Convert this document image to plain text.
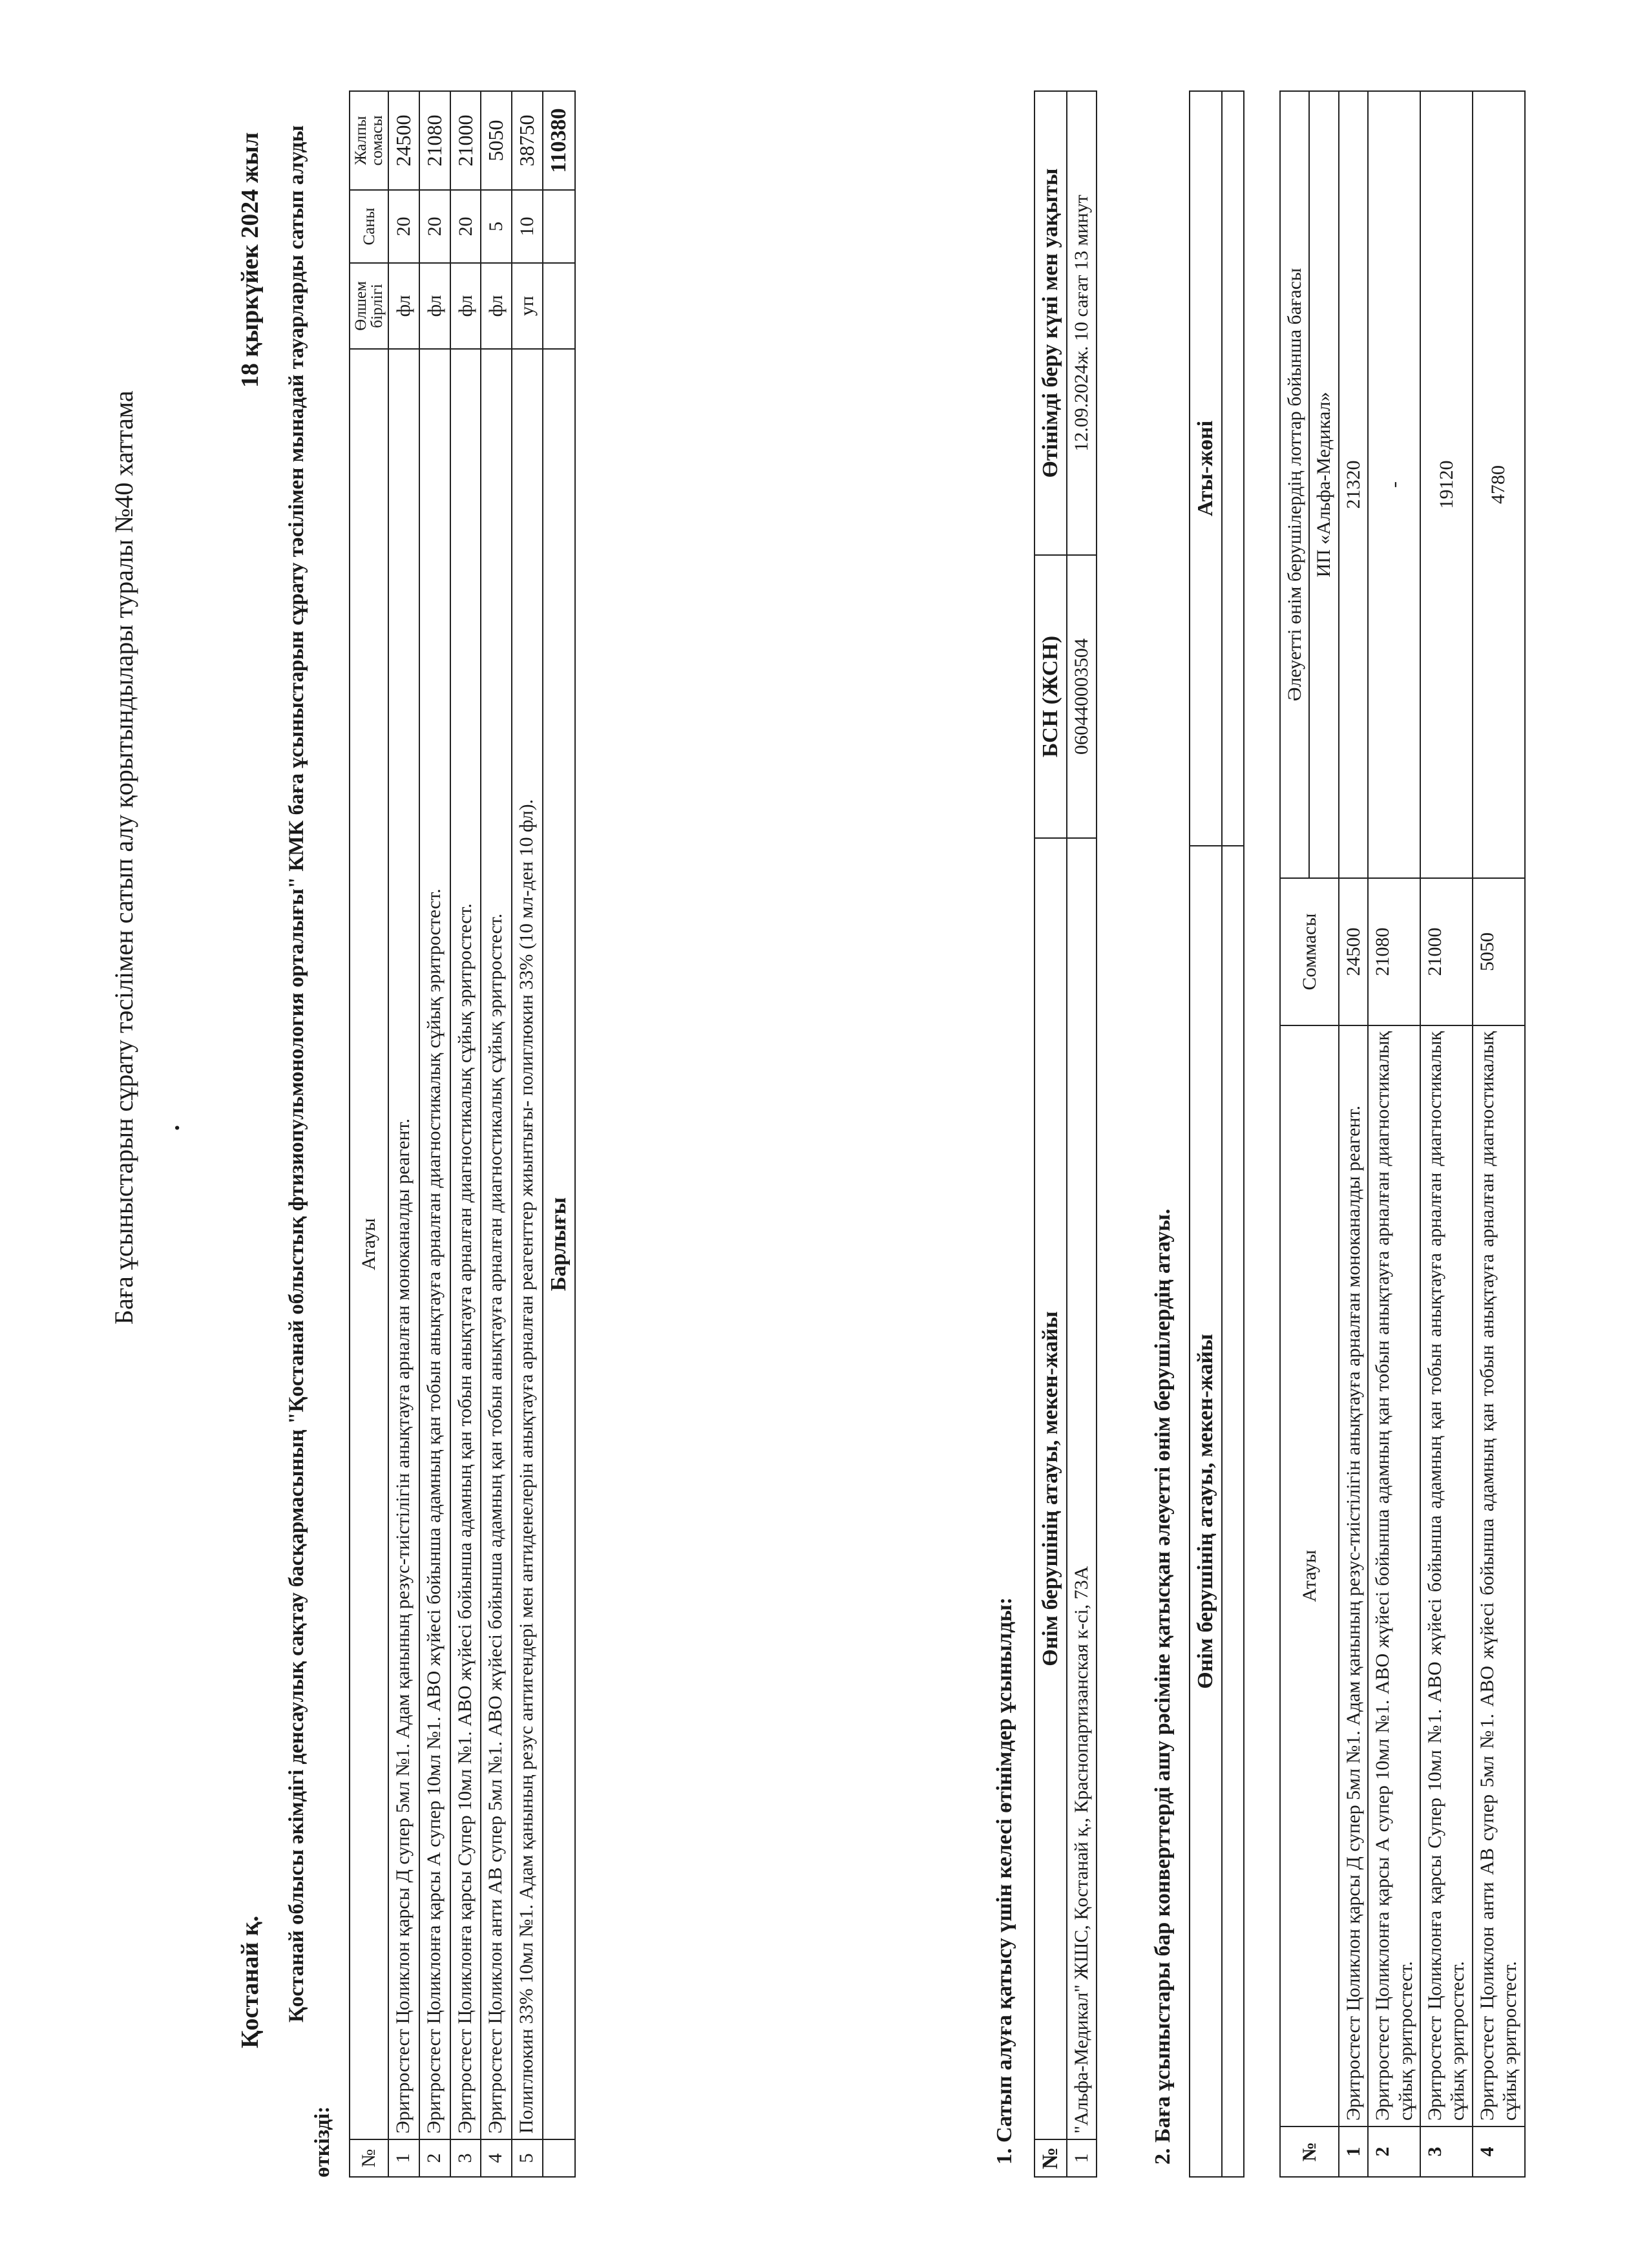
Баға ұсыныстарын сұрату тәсілімен сатып алу қорытындылары туралы №40 хаттама •
Қостанай қ.
18 қыркүйек 2024 жыл Қостанай облысы әкімдігі денсаулық сақтау басқармасының "Қостанай облыстық фтизиопульмонология орталығы" КМК баға ұсыныстарын сұрату тәсілімен мынадай тауарларды сатып алуды өткізді: №	Атауы	Өлшем бірлігі	Саны	Жалпы сомасы
1	Эритростест Цоликлон қарсы Д супер 5мл №1. Адам қанының резус-тиістілігін анықтауға арналған моноканалды реагент.	фл	20	24500
2	Эритростест Цоликлонға қарсы А супер 10мл №1. АВО жүйесі бойынша адамның қан тобын анықтауға арналған диагностикалық сұйық эритростест.	фл	20	21080
3	Эритростест Цоликлонға қарсы Супер 10мл №1. АВО жүйесі бойынша адамның қан тобын анықтауға арналған диагностикалық сұйық эритростест.	фл	20	21000
4	Эритростест Цоликлон анти АВ супер 5мл №1. АВО жүйесі бойынша адамның қан тобын анықтауға арналған диагностикалық сұйық эритростест.	фл	5	5050
5	Полиглюкин 33% 10мл №1. Адам қанының резус антигендері мен антиденелерін анықтауға арналған реагенттер жиынтығы- полиглюкин 33% (10 мл-ден 10 фл).	уп	10	38750
	Барлығы			110380
1. Сатып алуға қатысу үшін келесі өтінімдер ұсынылды: №	Өнім берушінің атауы, мекен-жайы	БСН (ЖСН)	Өтінімді беру күні мен уақыты
1	"Альфа-Медикал" ЖШС, Қостанай қ., Краснопартизанская к-сі, 73А	060440003504	12.09.2024ж. 10 сағат 13 минут
2. Баға ұсыныстары бар конверттерді ашу рәсіміне қатысқан әлеуетті өнім берушілердің атауы. Өнім берушінің атауы, мекен-жайы	Аты-жөні

№	Атауы	Соммасы	Әлеуетті өнім берушілердің лоттар бойынша бағасы
			ИП «Альфа-Медикал»
1	Эритростест Цоликлон қарсы Д супер 5мл №1. Адам қанының резус-тиістілігін анықтауға арналған моноканалды реагент.	24500	21320
2	Эритростест Цоликлонға қарсы А супер 10мл №1. АВО жүйесі бойынша адамның қан тобын анықтауға арналған диагностикалық сұйық эритростест.	21080	-
3	Эритростест Цоликлонға қарсы Супер 10мл №1. АВО жүйесі бойынша адамның қан тобын анықтауға арналған диагностикалық сұйық эритростест.	21000	19120
4	Эритростест Цоликлон анти АВ супер 5мл №1. АВО жүйесі бойынша адамның қан тобын анықтауға арналған диагностикалық сұйық эритростест.	5050	4780
